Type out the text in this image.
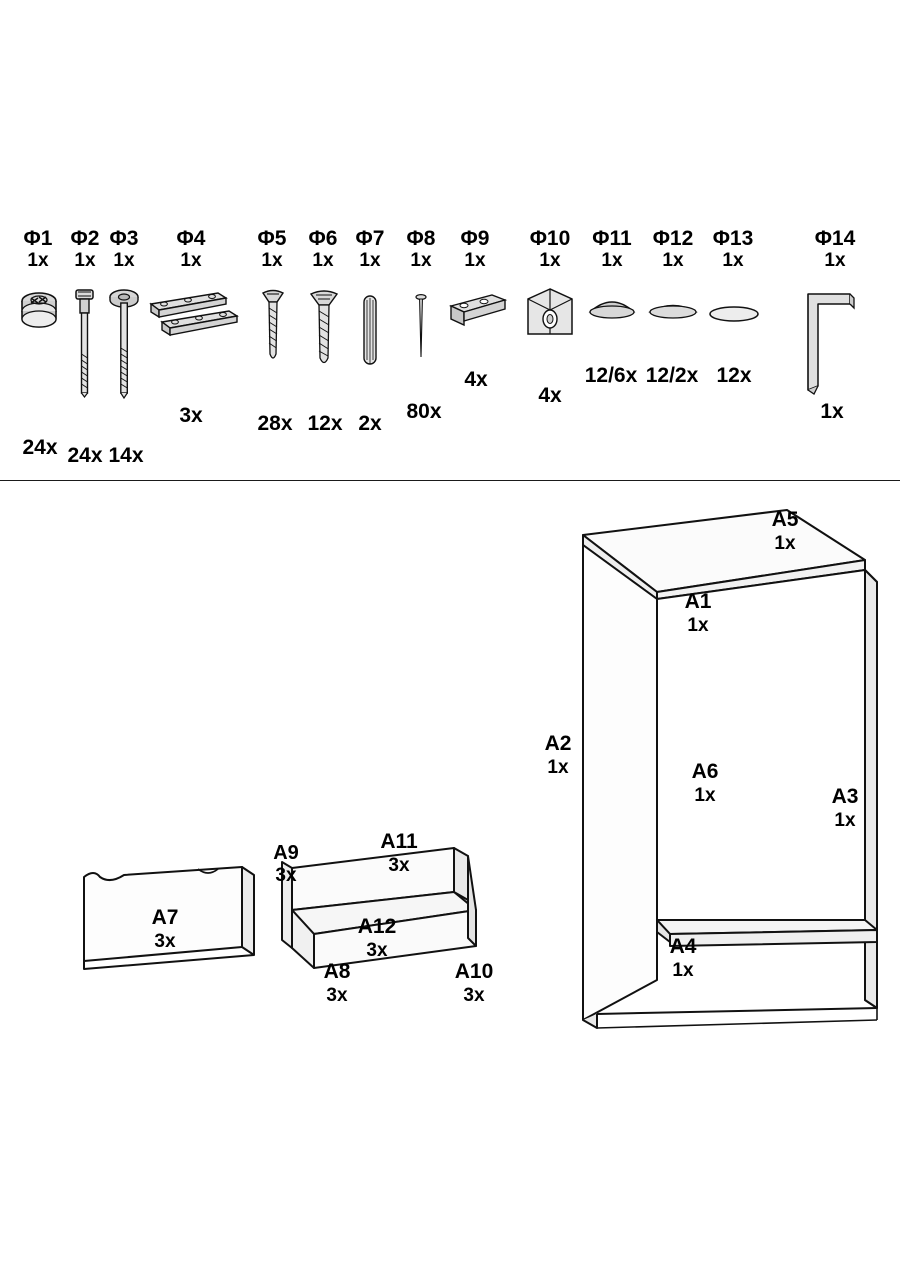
Φ1
1x
24x
Φ2
1x
24x
Φ3
1x
14x
Φ4
1x
3x
Φ5
1x
28x
Φ6
1x
12x
Φ7
1x
2x
Φ8
1x
80x
Φ9
1x
4x
Φ10
1x
4x
Φ11
1x
12/6x
Φ12
1x
12/2x
Φ13
1x
12x
Φ14
1x
1x
A5
1x
A1
1x
A2
1x	A6
1x	A3
1x
A4
1x
A7
3x
A9
3x
A11
3x
A12
3x
A8
3x
A10
3x
